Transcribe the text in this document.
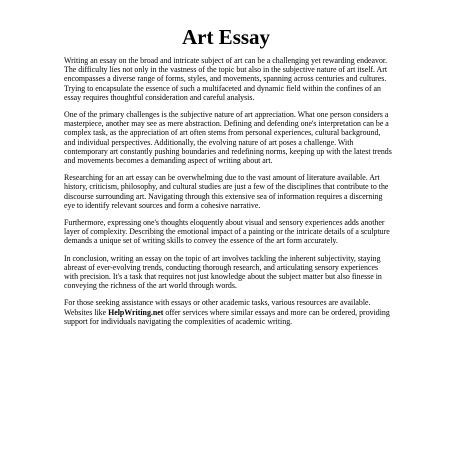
Art Essay

Writing an essay on the broad and intricate subject of art can be a challenging yet rewarding endeavor. The difficulty lies not only in the vastness of the topic but also in the subjective nature of art itself. Art encompasses a diverse range of forms, styles, and movements, spanning across centuries and cultures. Trying to encapsulate the essence of such a multifaceted and dynamic field within the confines of an essay requires thoughtful consideration and careful analysis.

One of the primary challenges is the subjective nature of art appreciation. What one person considers a masterpiece, another may see as mere abstraction. Defining and defending one's interpretation can be a complex task, as the appreciation of art often stems from personal experiences, cultural background, and individual perspectives. Additionally, the evolving nature of art poses a challenge. With contemporary art constantly pushing boundaries and redefining norms, keeping up with the latest trends and movements becomes a demanding aspect of writing about art.

Researching for an art essay can be overwhelming due to the vast amount of literature available. Art history, criticism, philosophy, and cultural studies are just a few of the disciplines that contribute to the discourse surrounding art. Navigating through this extensive sea of information requires a discerning eye to identify relevant sources and form a cohesive narrative.

Furthermore, expressing one's thoughts eloquently about visual and sensory experiences adds another layer of complexity. Describing the emotional impact of a painting or the intricate details of a sculpture demands a unique set of writing skills to convey the essence of the art form accurately.

In conclusion, writing an essay on the topic of art involves tackling the inherent subjectivity, staying abreast of ever-evolving trends, conducting thorough research, and articulating sensory experiences with precision. It's a task that requires not just knowledge about the subject matter but also finesse in conveying the richness of the art world through words.

For those seeking assistance with essays or other academic tasks, various resources are available. Websites like HelpWriting.net offer services where similar essays and more can be ordered, providing support for individuals navigating the complexities of academic writing.
